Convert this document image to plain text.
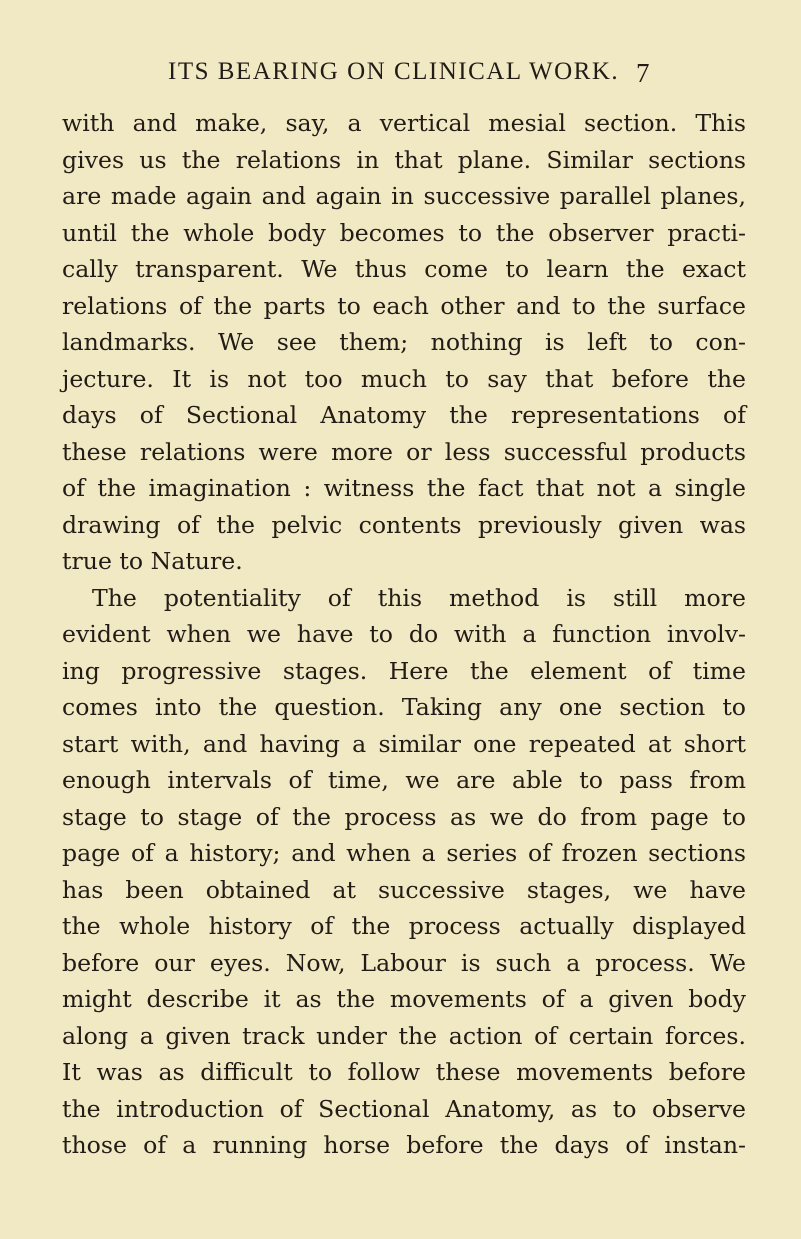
ITS BEARING ON CLINICAL WORK. 7
with and make, say, a vertical mesial section. This
gives us the relations in that plane. Similar sections
are made again and again in successive parallel planes,
until the whole body becomes to the observer practi-
cally transparent. We thus come to learn the exact
relations of the parts to each other and to the surface
landmarks. We see them; nothing is left to con-
jecture. It is not too much to say that before the
days of Sectional Anatomy the representations of
these relations were more or less successful products
of the imagination : witness the fact that not a single
drawing of the pelvic contents previously given was
true to Nature.
The potentiality of this method is still more
evident when we have to do with a function involv-
ing progressive stages. Here the element of time
comes into the question. Taking any one section to
start with, and having a similar one repeated at short
enough intervals of time, we are able to pass from
stage to stage of the process as we do from page to
page of a history; and when a series of frozen sections
has been obtained at successive stages, we have
the whole history of the process actually displayed
before our eyes. Now, Labour is such a process. We
might describe it as the movements of a given body
along a given track under the action of certain forces.
It was as difficult to follow these movements before
the introduction of Sectional Anatomy, as to observe
those of a running horse before the days of instan-
